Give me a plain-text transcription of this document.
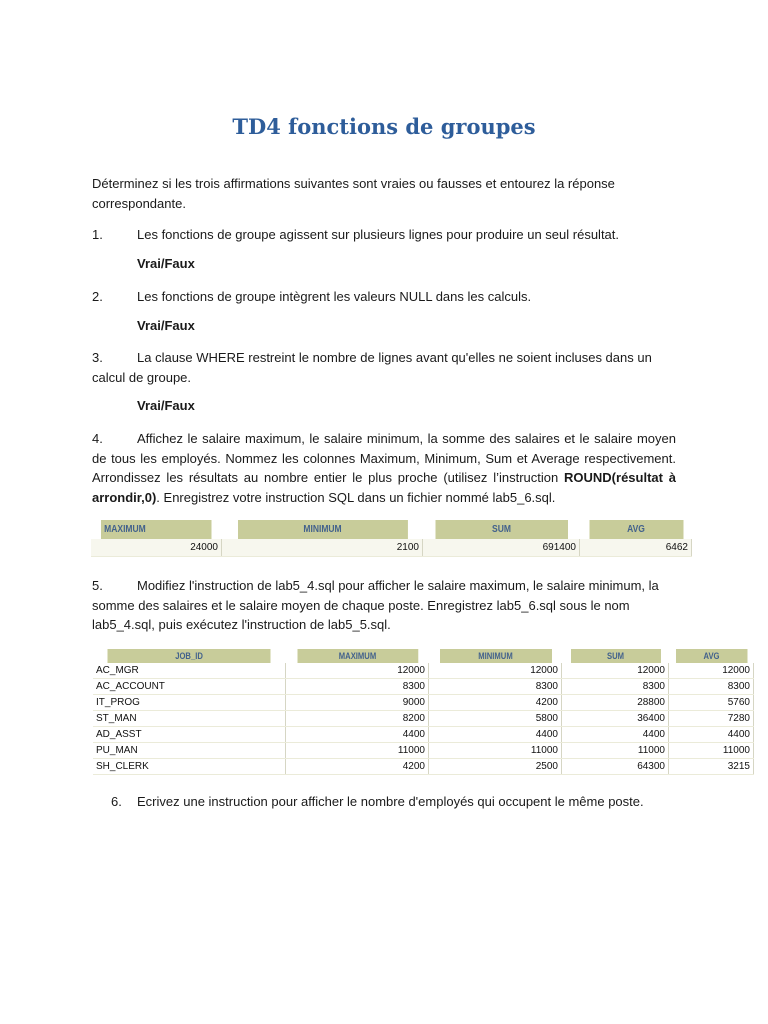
TD4 fonctions de groupes
Déterminez si les trois affirmations suivantes sont vraies ou fausses et entourez la réponse correspondante.
1.	Les fonctions de groupe agissent sur plusieurs lignes pour produire un seul résultat.
Vrai/Faux
2.	Les fonctions de groupe intègrent les valeurs NULL dans les calculs.
Vrai/Faux
3.	La clause WHERE restreint le nombre de lignes avant qu'elles ne soient incluses dans un calcul de groupe.
Vrai/Faux
4.	Affichez le salaire maximum, le salaire minimum, la somme des salaires et le salaire moyen de tous les employés. Nommez les colonnes Maximum, Minimum, Sum et Average respectivement. Arrondissez les résultats au nombre entier le plus proche (utilisez l’instruction ROUND(résultat à arrondir,0). Enregistrez votre instruction SQL dans un fichier nommé lab5_6.sql.
MAXIMUM	MINIMUM	SUM	AVG
24000	2100	691400	6462
5.	Modifiez l'instruction de lab5_4.sql pour afficher le salaire maximum, le salaire minimum, la somme des salaires et le salaire moyen de chaque poste. Enregistrez lab5_6.sql sous le nom lab5_4.sql, puis exécutez l'instruction de lab5_5.sql.
JOB_ID	MAXIMUM	MINIMUM	SUM	AVG
AC_MGR	12000	12000	12000	12000
AC_ACCOUNT	8300	8300	8300	8300
IT_PROG	9000	4200	28800	5760
ST_MAN	8200	5800	36400	7280
AD_ASST	4400	4400	4400	4400
PU_MAN	11000	11000	11000	11000
SH_CLERK	4200	2500	64300	3215
6. Ecrivez une instruction pour afficher le nombre d'employés qui occupent le même poste.
